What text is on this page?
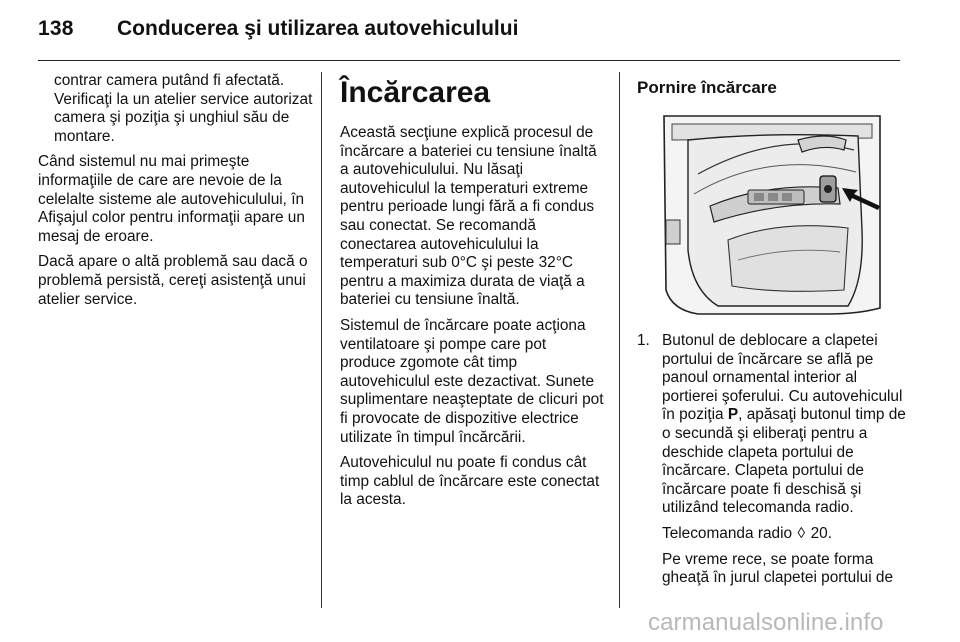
138 Conducerea şi utilizarea autovehiculului

contrar camera putând fi afectată. Verificaţi la un atelier service autorizat camera şi poziţia şi unghiul său de montare.

Când sistemul nu mai primeşte informaţiile de care are nevoie de la celelalte sisteme ale autovehiculului, în Afişajul color pentru informaţii apare un mesaj de eroare.

Dacă apare o altă problemă sau dacă o problemă persistă, cereţi asistenţă unui atelier service.

Încărcarea

Această secţiune explică procesul de încărcare a bateriei cu tensiune înaltă a autovehiculului. Nu lăsaţi autovehiculul la temperaturi extreme pentru perioade lungi fără a fi condus sau conectat. Se recomandă conectarea autovehiculului la temperaturi sub 0°C şi peste 32°C pentru a maximiza durata de viaţă a bateriei cu tensiune înaltă.

Sistemul de încărcare poate acţiona ventilatoare şi pompe care pot produce zgomote cât timp autovehiculul este dezactivat. Sunete suplimentare neaşteptate de clicuri pot fi provocate de dispozitive electrice utilizate în timpul încărcării.

Autovehiculul nu poate fi condus cât timp cablul de încărcare este conectat la acesta.

Pornire încărcare
1. Butonul de deblocare a clapetei portului de încărcare se află pe panoul ornamental interior al portierei şoferului. Cu autovehiculul în poziţia P, apăsaţi butonul timp de o secundă şi eliberaţi pentru a deschide clapeta portului de încărcare. Clapeta portului de încărcare poate fi deschisă şi utilizând telecomanda radio.

Telecomanda radio ◊ 20.

Pe vreme rece, se poate forma gheaţă în jurul clapetei portului de

carmanualsonline.info
